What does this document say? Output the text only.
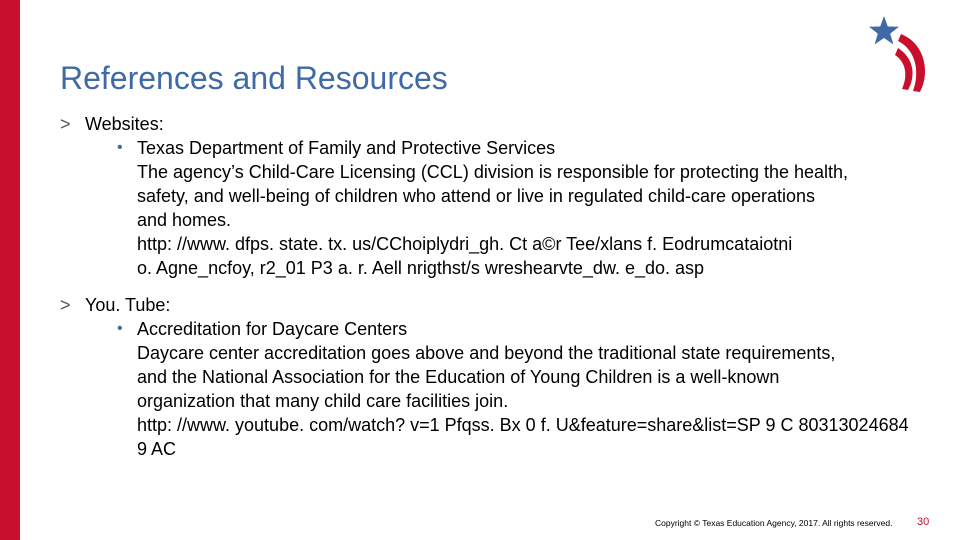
References and Resources
> Websites:
• Texas Department of Family and Protective Services
The agency’s Child-Care Licensing (CCL) division is responsible for protecting the health,
safety, and well-being of children who attend or live in regulated child-care operations
and homes.
http: //www. dfps. state. tx. us/CChoiplydri_gh. Ct a©r Tee/xlans f. Eodrumcataiotni
o. Agne_ncfoy, r2_01 P3 a. r. Aell nrigthst/s wreshearvte_dw. e_do. asp
> You. Tube:
• Accreditation for Daycare Centers
Daycare center accreditation goes above and beyond the traditional state requirements,
and the National Association for the Education of Young Children is a well-known
organization that many child care facilities join.
http: //www. youtube. com/watch? v=1 Pfqss. Bx 0 f. U&feature=share&list=SP 9 C 80313024684
9 AC
Copyright © Texas Education Agency, 2017. All rights reserved. 30
